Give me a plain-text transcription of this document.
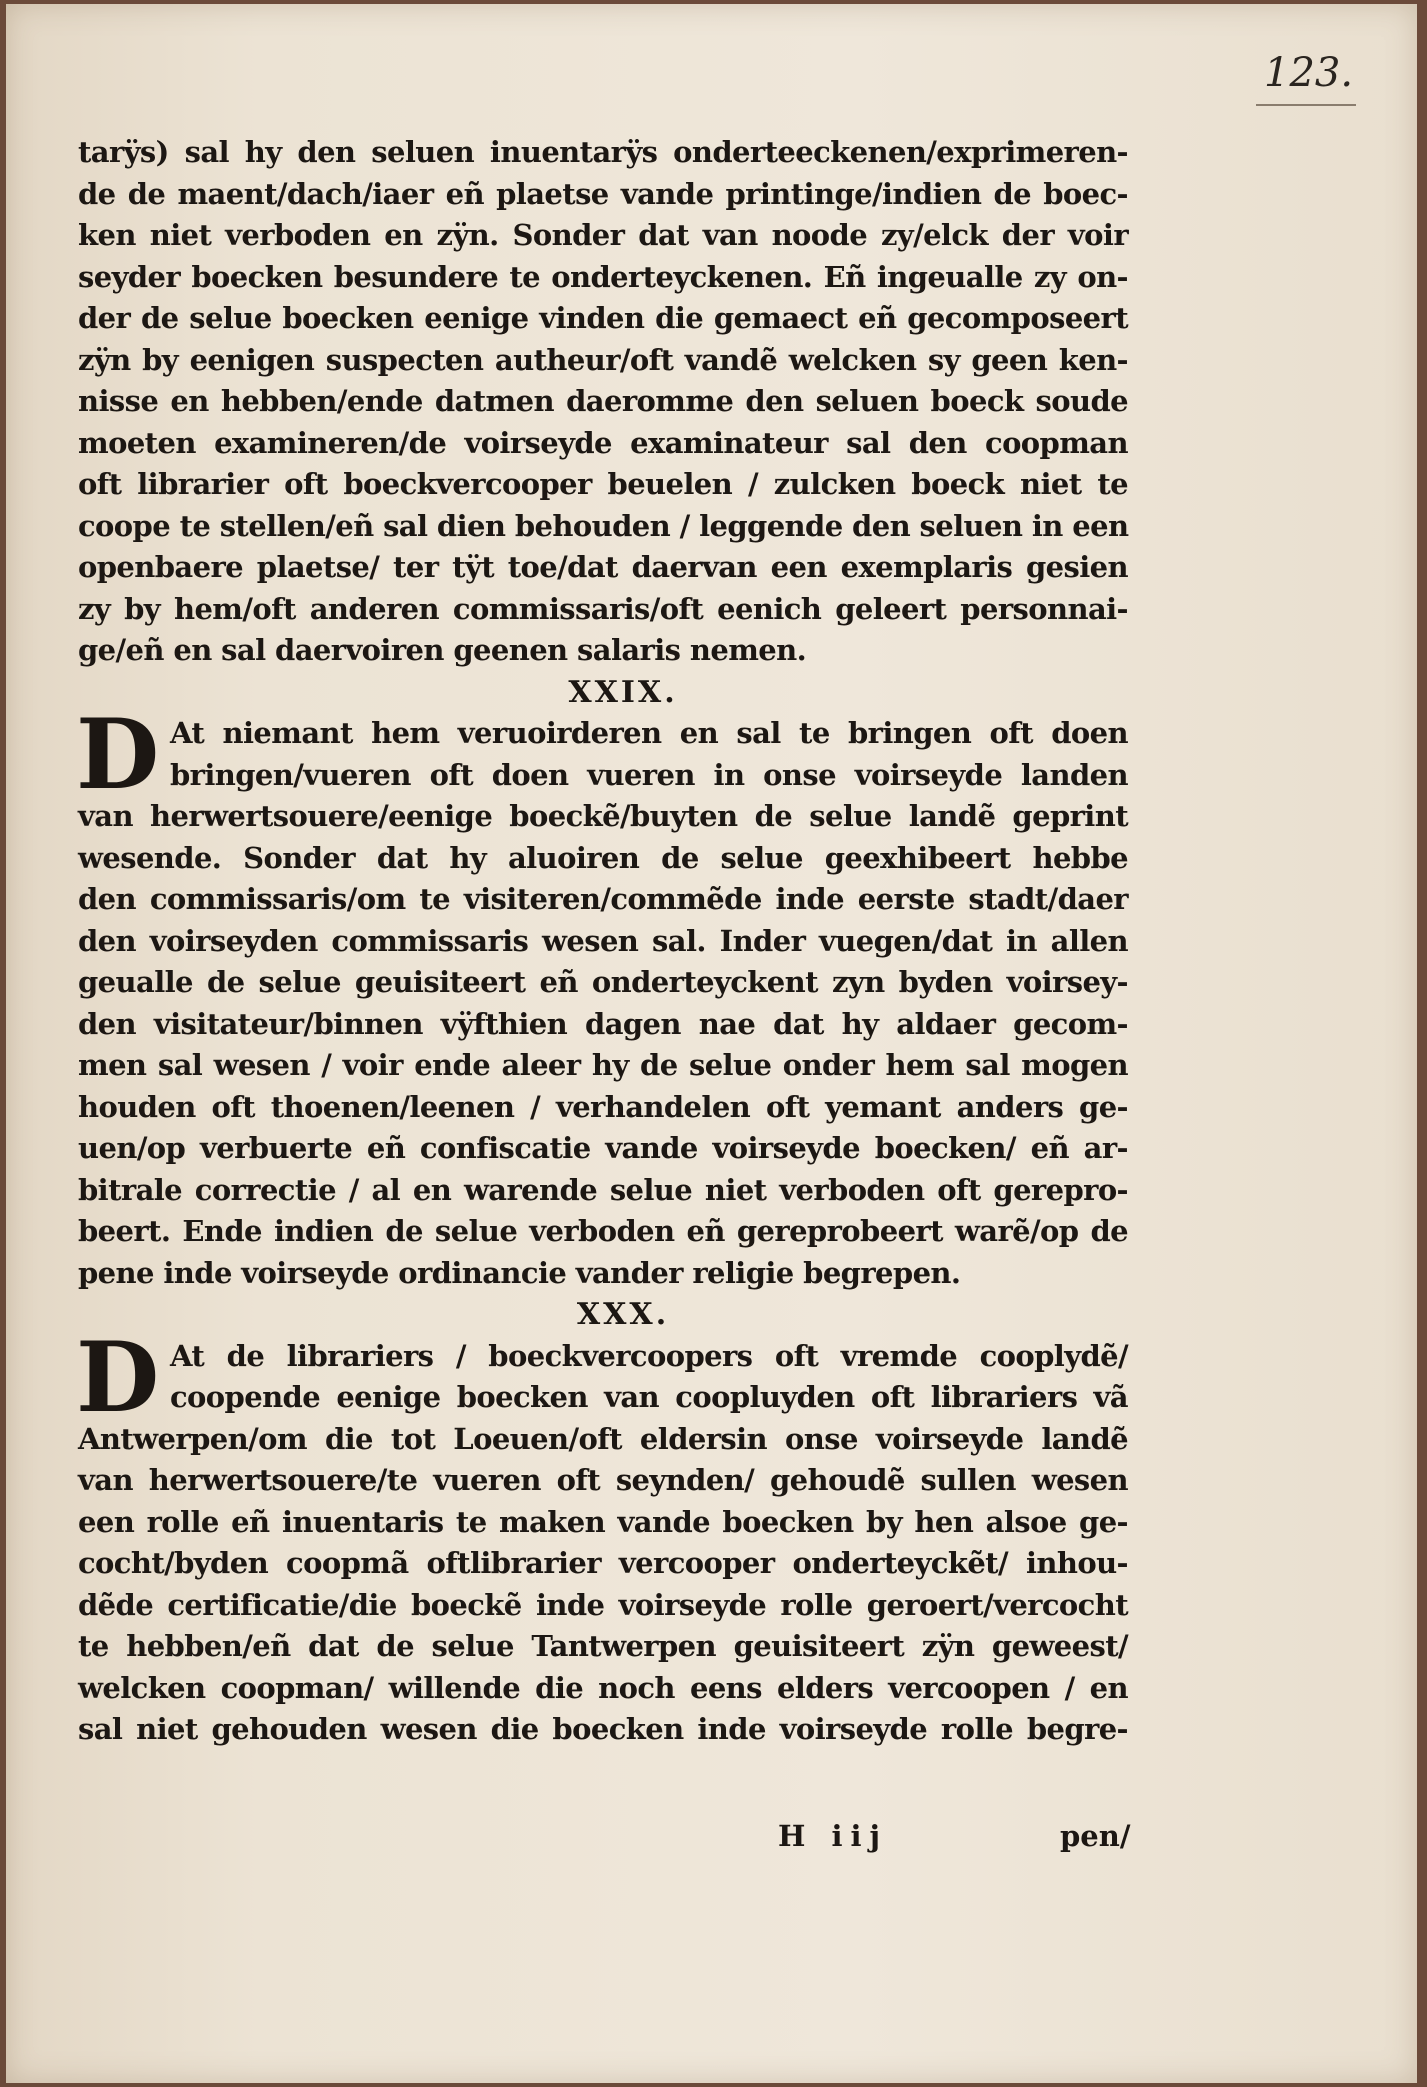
123.
tarÿs) sal hy den seluen inuentarÿs onderteeckenen/exprimeren-
de de maent/dach/iaer eñ plaetse vande printinge/indien de boec-
ken niet verboden en zÿn. Sonder dat van noode zy/elck der voir
seyder boecken besundere te onderteyckenen. Eñ ingeualle zy on-
der de selue boecken eenige vinden die gemaect eñ gecomposeert
zÿn by eenigen suspecten autheur/oft vandẽ welcken sy geen ken-
nisse en hebben/ende datmen daeromme den seluen boeck soude
moeten examineren/de voirseyde examinateur sal den coopman
oft librarier oft boeckvercooper beuelen / zulcken boeck niet te
coope te stellen/eñ sal dien behouden / leggende den seluen in een
openbaere plaetse/ ter tÿt toe/dat daervan een exemplaris gesien
zy by hem/oft anderen commissaris/oft eenich geleert personnai-
ge/eñ en sal daervoiren geenen salaris nemen.
XXIX.
D At niemant hem veruoirderen en sal te bringen oft doen
bringen/vueren oft doen vueren in onse voirseyde landen
van herwertsouere/eenige boeckẽ/buyten de selue landẽ geprint
wesende. Sonder dat hy aluoiren de selue geexhibeert hebbe
den commissaris/om te visiteren/commẽde inde eerste stadt/daer
den voirseyden commissaris wesen sal. Inder vuegen/dat in allen
geualle de selue geuisiteert eñ onderteyckent zyn byden voirsey-
den visitateur/binnen vÿfthien dagen nae dat hy aldaer gecom-
men sal wesen / voir ende aleer hy de selue onder hem sal mogen
houden oft thoenen/leenen / verhandelen oft yemant anders ge-
uen/op verbuerte eñ confiscatie vande voirseyde boecken/ eñ ar-
bitrale correctie / al en warende selue niet verboden oft gerepro-
beert. Ende indien de selue verboden eñ gereprobeert warẽ/op de
pene inde voirseyde ordinancie vander religie begrepen.
XXX.
D At de librariers / boeckvercoopers oft vremde cooplydẽ/
coopende eenige boecken van coopluyden oft librariers vã
Antwerpen/om die tot Loeuen/oft eldersin onse voirseyde landẽ
van herwertsouere/te vueren oft seynden/ gehoudẽ sullen wesen
een rolle eñ inuentaris te maken vande boecken by hen alsoe ge-
cocht/byden coopmã oftlibrarier vercooper onderteyckẽt/ inhou-
dẽde certificatie/die boeckẽ inde voirseyde rolle geroert/vercocht
te hebben/eñ dat de selue Tantwerpen geuisiteert zÿn geweest/
welcken coopman/ willende die noch eens elders vercoopen / en
sal niet gehouden wesen die boecken inde voirseyde rolle begre-
H iij	pen/
